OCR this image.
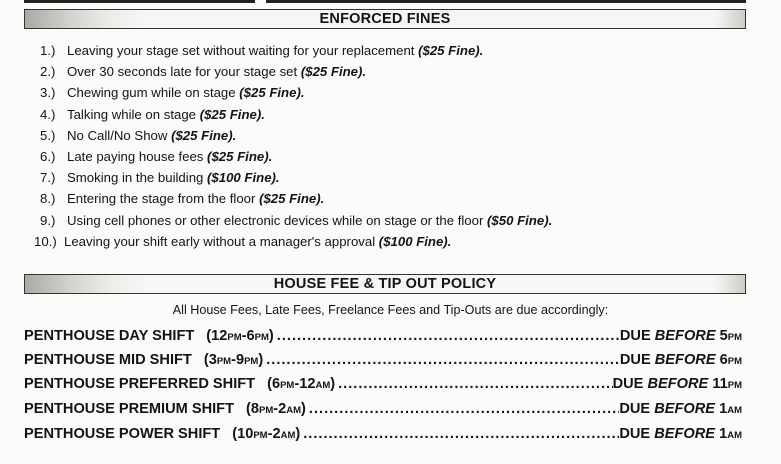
ENFORCED FINES
1.) Leaving your stage set without waiting for your replacement ($25 Fine).
2.) Over 30 seconds late for your stage set ($25 Fine).
3.) Chewing gum while on stage ($25 Fine).
4.) Talking while on stage ($25 Fine).
5.) No Call/No Show ($25 Fine).
6.) Late paying house fees ($25 Fine).
7.) Smoking in the building ($100 Fine).
8.) Entering the stage from the floor ($25 Fine).
9.) Using cell phones or other electronic devices while on stage or the floor ($50 Fine).
10.) Leaving your shift early without a manager's approval ($100 Fine).
HOUSE FEE & TIP OUT POLICY
All House Fees, Late Fees, Freelance Fees and Tip-Outs are due accordingly:
PENTHOUSE DAY SHIFT (12PM-6PM) .....	DUE BEFORE 5PM
PENTHOUSE MID SHIFT (3PM-9PM) .....	DUE BEFORE 6PM
PENTHOUSE PREFERRED SHIFT (6PM-12AM) .....	DUE BEFORE 11PM
PENTHOUSE PREMIUM SHIFT (8PM-2AM) .....	DUE BEFORE 1AM
PENTHOUSE POWER SHIFT (10PM-2AM) .....	DUE BEFORE 1AM
